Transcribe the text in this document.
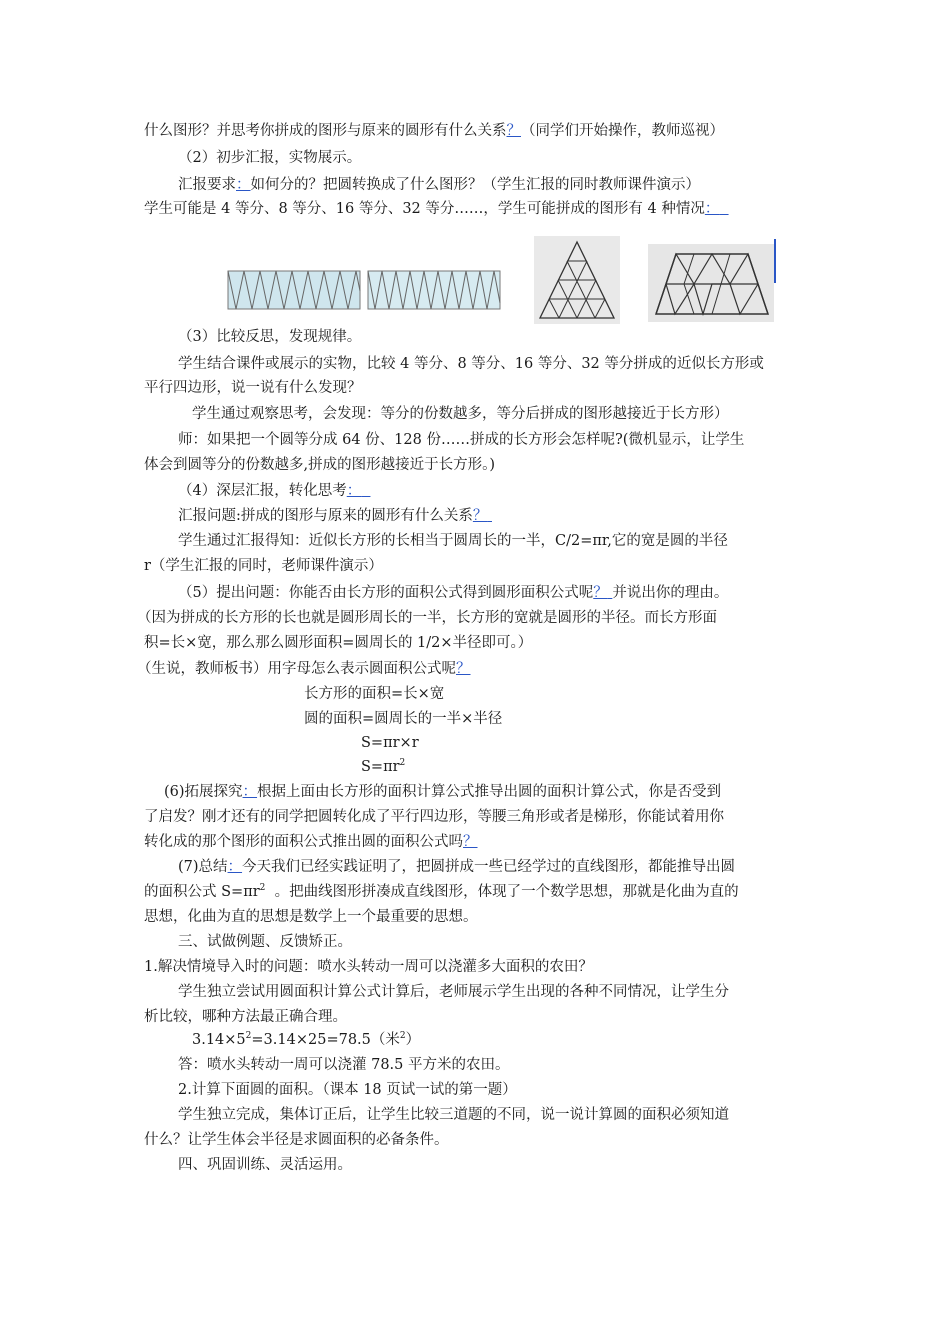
什么图形？并思考你拼成的图形与原来的圆形有什么关系？（同学们开始操作，教师巡视）
（2）初步汇报，实物展示。
汇报要求：如何分的？把圆转换成了什么图形？（学生汇报的同时教师课件演示）
学生可能是 4 等分、8 等分、16 等分、32 等分……，学生可能拼成的图形有 4 种情况：
（3）比较反思，发现规律。
学生结合课件或展示的实物，比较 4 等分、8 等分、16 等分、32 等分拼成的近似长方形或
平行四边形，说一说有什么发现？
学生通过观察思考，会发现：等分的份数越多，等分后拼成的图形越接近于长方形）
师：如果把一个圆等分成 64 份、128 份……拼成的长方形会怎样呢?(微机显示，让学生
体会到圆等分的份数越多,拼成的图形越接近于长方形。)
（4）深层汇报，转化思考：
汇报问题:拼成的图形与原来的圆形有什么关系？
学生通过汇报得知：近似长方形的长相当于圆周长的一半，C/2=πr,它的宽是圆的半径
r（学生汇报的同时，老师课件演示）
（5）提出问题：你能否由长方形的面积公式得到圆形面积公式呢？ 并说出你的理由。
（因为拼成的长方形的长也就是圆形周长的一半，长方形的宽就是圆形的半径。而长方形面
积=长×宽，那么那么圆形面积=圆周长的 1/2×半径即可。）
（生说，教师板书）用字母怎么表示圆面积公式呢？
长方形的面积=长×宽
圆的面积=圆周长的一半×半径
S=πr×r
$S=\pi r^2$
(6)拓展探究：根据上面由长方形的面积计算公式推导出圆的面积计算公式，你是否受到
了启发？刚才还有的同学把圆转化成了平行四边形，等腰三角形或者是梯形，你能试着用你
转化成的那个图形的面积公式推出圆的面积公式吗？
(7)总结：今天我们已经实践证明了，把圆拼成一些已经学过的直线图形，都能推导出圆
的面积公式 $S=\pi r^2$ 。把曲线图形拼凑成直线图形，体现了一个数学思想，那就是化曲为直的
思想，化曲为直的思想是数学上一个最重要的思想。
三、试做例题、反馈矫正。
1.解决情境导入时的问题：喷水头转动一周可以浇灌多大面积的农田？
学生独立尝试用圆面积计算公式计算后，老师展示学生出现的各种不同情况，让学生分
析比较，哪种方法最正确合理。
$3.14\times 5^2=3.14\times 25=78.5$（米$^2$）
答：喷水头转动一周可以浇灌 78.5 平方米的农田。
2.计算下面圆的面积。（课本 18 页试一试的第一题）
学生独立完成，集体订正后，让学生比较三道题的不同，说一说计算圆的面积必须知道
什么？让学生体会半径是求圆面积的必备条件。
四、巩固训练、灵活运用。
